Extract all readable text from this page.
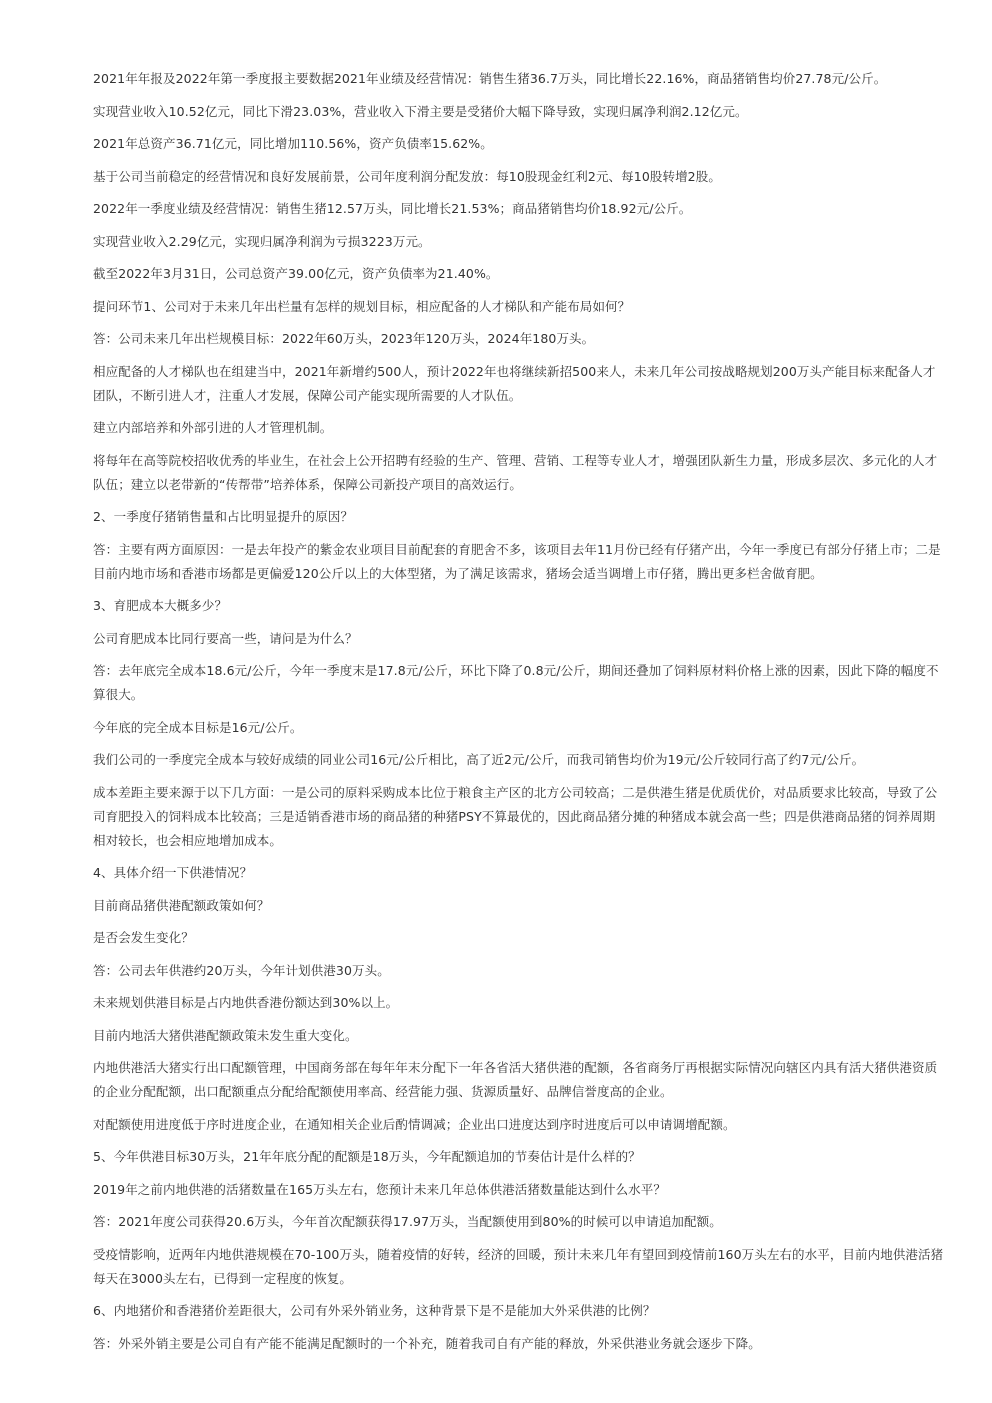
2021年年报及2022年第一季度报主要数据2021年业绩及经营情况：销售生猪36.7万头，同比增长22.16%，商品猪销售均价27.78元/公斤。

实现营业收入10.52亿元，同比下滑23.03%，营业收入下滑主要是受猪价大幅下降导致，实现归属净利润2.12亿元。

2021年总资产36.71亿元，同比增加110.56%，资产负债率15.62%。

基于公司当前稳定的经营情况和良好发展前景，公司年度利润分配发放：每10股现金红利2元、每10股转增2股。

2022年一季度业绩及经营情况：销售生猪12.57万头，同比增长21.53%；商品猪销售均价18.92元/公斤。

实现营业收入2.29亿元，实现归属净利润为亏损3223万元。

截至2022年3月31日，公司总资产39.00亿元，资产负债率为21.40%。

提问环节1、公司对于未来几年出栏量有怎样的规划目标，相应配备的人才梯队和产能布局如何？

答：公司未来几年出栏规模目标：2022年60万头，2023年120万头，2024年180万头。

相应配备的人才梯队也在组建当中，2021年新增约500人，预计2022年也将继续新招500来人，未来几年公司按战略规划200万头产能目标来配备人才团队，不断引进人才，注重人才发展，保障公司产能实现所需要的人才队伍。

建立内部培养和外部引进的人才管理机制。

将每年在高等院校招收优秀的毕业生，在社会上公开招聘有经验的生产、管理、营销、工程等专业人才，增强团队新生力量，形成多层次、多元化的人才队伍；建立以老带新的“传帮带”培养体系，保障公司新投产项目的高效运行。

2、一季度仔猪销售量和占比明显提升的原因？

答：主要有两方面原因：一是去年投产的紫金农业项目目前配套的育肥舍不多，该项目去年11月份已经有仔猪产出，今年一季度已有部分仔猪上市；二是目前内地市场和香港市场都是更偏爱120公斤以上的大体型猪，为了满足该需求，猪场会适当调增上市仔猪，腾出更多栏舍做育肥。

3、育肥成本大概多少？

公司育肥成本比同行要高一些，请问是为什么？

答：去年底完全成本18.6元/公斤，今年一季度末是17.8元/公斤，环比下降了0.8元/公斤，期间还叠加了饲料原材料价格上涨的因素，因此下降的幅度不算很大。

今年底的完全成本目标是16元/公斤。

我们公司的一季度完全成本与较好成绩的同业公司16元/公斤相比，高了近2元/公斤，而我司销售均价为19元/公斤较同行高了约7元/公斤。

成本差距主要来源于以下几方面：一是公司的原料采购成本比位于粮食主产区的北方公司较高；二是供港生猪是优质优价，对品质要求比较高，导致了公司育肥投入的饲料成本比较高；三是适销香港市场的商品猪的种猪PSY不算最优的，因此商品猪分摊的种猪成本就会高一些；四是供港商品猪的饲养周期相对较长，也会相应地增加成本。

4、具体介绍一下供港情况？

目前商品猪供港配额政策如何？

是否会发生变化？

答：公司去年供港约20万头，今年计划供港30万头。

未来规划供港目标是占内地供香港份额达到30%以上。

目前内地活大猪供港配额政策未发生重大变化。

内地供港活大猪实行出口配额管理，中国商务部在每年年末分配下一年各省活大猪供港的配额，各省商务厅再根据实际情况向辖区内具有活大猪供港资质的企业分配配额，出口配额重点分配给配额使用率高、经营能力强、货源质量好、品牌信誉度高的企业。

对配额使用进度低于序时进度企业，在通知相关企业后酌情调减；企业出口进度达到序时进度后可以申请调增配额。

5、今年供港目标30万头，21年年底分配的配额是18万头，今年配额追加的节奏估计是什么样的？

2019年之前内地供港的活猪数量在165万头左右，您预计未来几年总体供港活猪数量能达到什么水平？

答：2021年度公司获得20.6万头，今年首次配额获得17.97万头，当配额使用到80%的时候可以申请追加配额。

受疫情影响，近两年内地供港规模在70-100万头，随着疫情的好转，经济的回暖，预计未来几年有望回到疫情前160万头左右的水平，目前内地供港活猪每天在3000头左右，已得到一定程度的恢复。

6、内地猪价和香港猪价差距很大，公司有外采外销业务，这种背景下是不是能加大外采供港的比例？

答：外采外销主要是公司自有产能不能满足配额时的一个补充，随着我司自有产能的释放，外采供港业务就会逐步下降。
